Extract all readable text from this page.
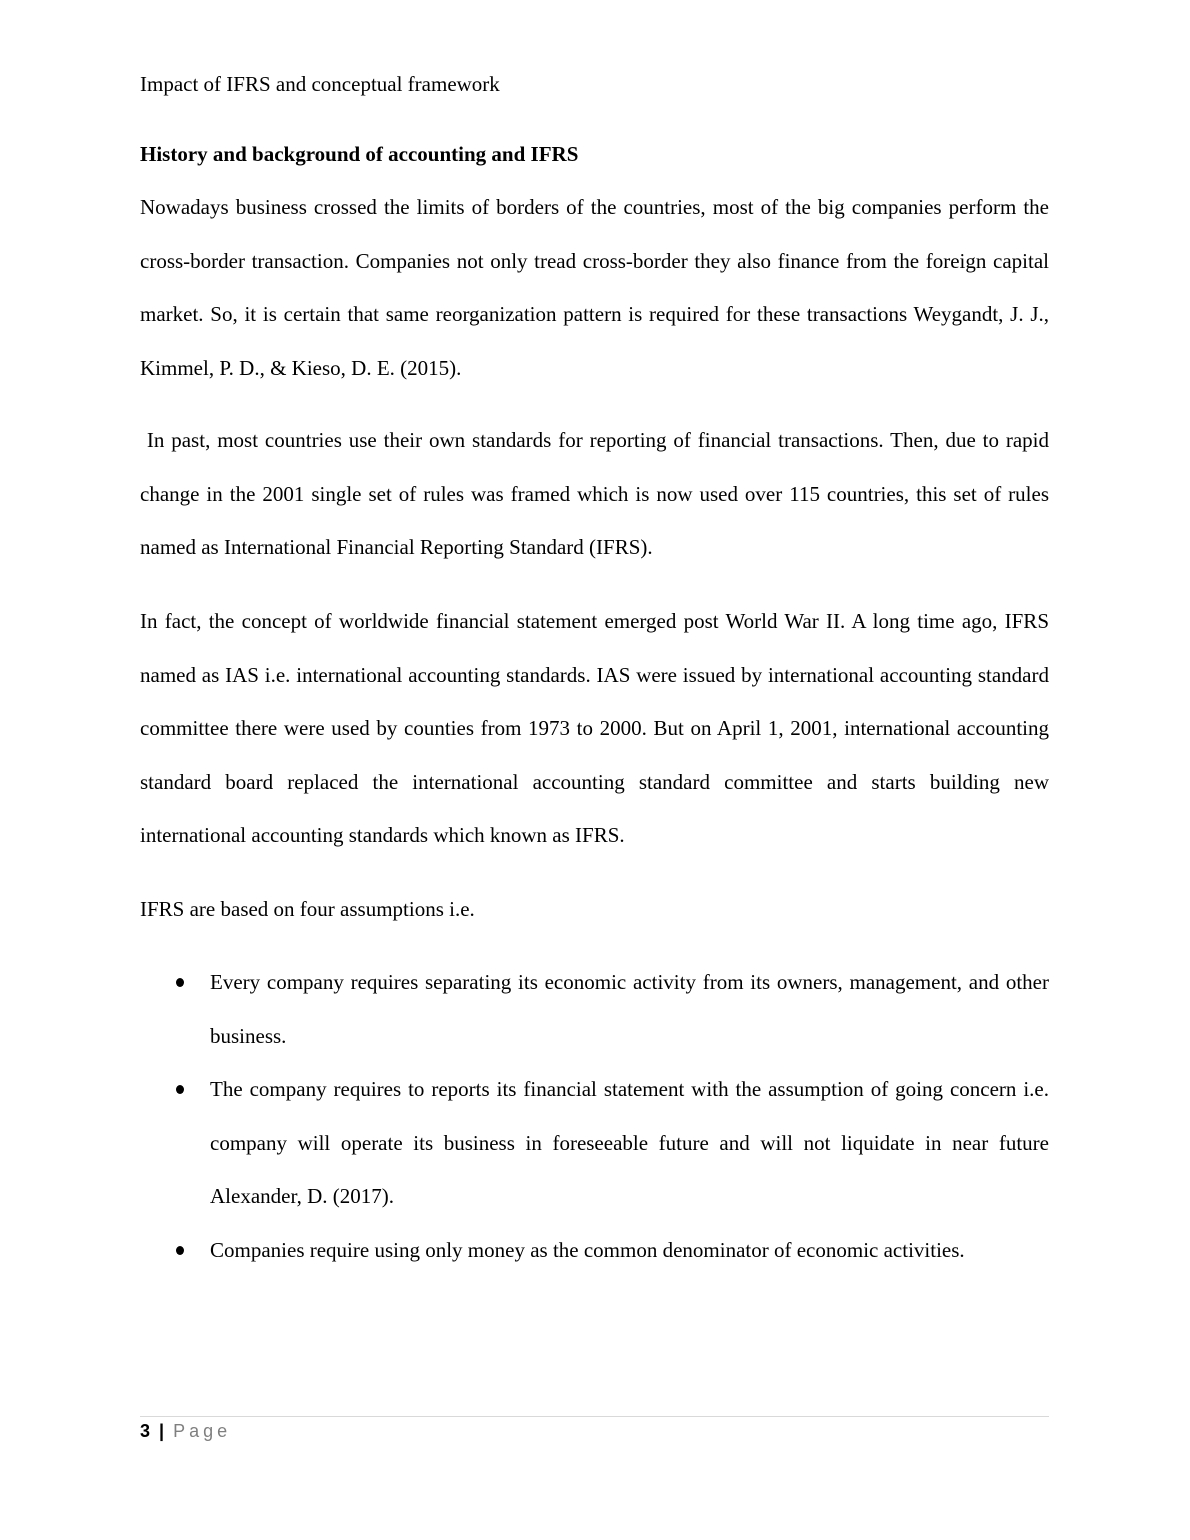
Impact of IFRS and conceptual framework
History and background of accounting and IFRS

Nowadays business crossed the limits of borders of the countries, most of the big companies perform the cross-border transaction. Companies not only tread cross-border they also finance from the foreign capital market. So, it is certain that same reorganization pattern is required for these transactions Weygandt, J. J., Kimmel, P. D., & Kieso, D. E. (2015).

In past, most countries use their own standards for reporting of financial transactions. Then, due to rapid change in the 2001 single set of rules was framed which is now used over 115 countries, this set of rules named as International Financial Reporting Standard (IFRS).

In fact, the concept of worldwide financial statement emerged post World War II. A long time ago, IFRS named as IAS i.e. international accounting standards. IAS were issued by international accounting standard committee there were used by counties from 1973 to 2000. But on April 1, 2001, international accounting standard board replaced the international accounting standard committee and starts building new international accounting standards which known as IFRS.

IFRS are based on four assumptions i.e.

Every company requires separating its economic activity from its owners, management, and other business.
The company requires to reports its financial statement with the assumption of going concern i.e. company will operate its business in foreseeable future and will not liquidate in near future Alexander, D. (2017).
Companies require using only money as the common denominator of economic activities.
3 | Page
